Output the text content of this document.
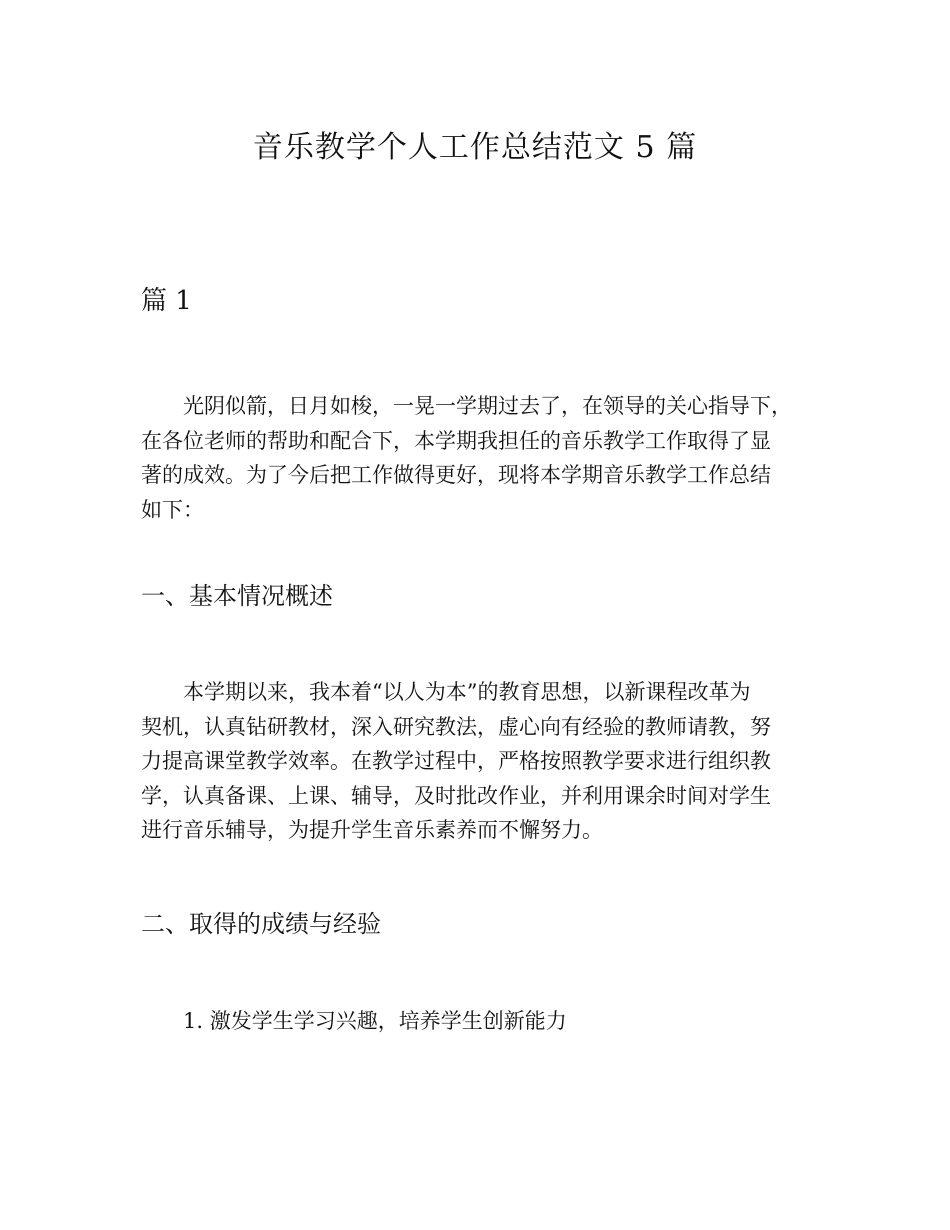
音乐教学个人工作总结范文 5 篇
篇 1

光阴似箭，日月如梭，一晃一学期过去了，在领导的关心指导下，
在各位老师的帮助和配合下，本学期我担任的音乐教学工作取得了显
著的成效。为了今后把工作做得更好，现将本学期音乐教学工作总结
如下：

一、基本情况概述

本学期以来，我本着“以人为本”的教育思想，以新课程改革为
契机，认真钻研教材，深入研究教法，虚心向有经验的教师请教，努
力提高课堂教学效率。在教学过程中，严格按照教学要求进行组织教
学，认真备课、上课、辅导，及时批改作业，并利用课余时间对学生
进行音乐辅导，为提升学生音乐素养而不懈努力。

二、取得的成绩与经验
1. 激发学生学习兴趣，培养学生创新能力
